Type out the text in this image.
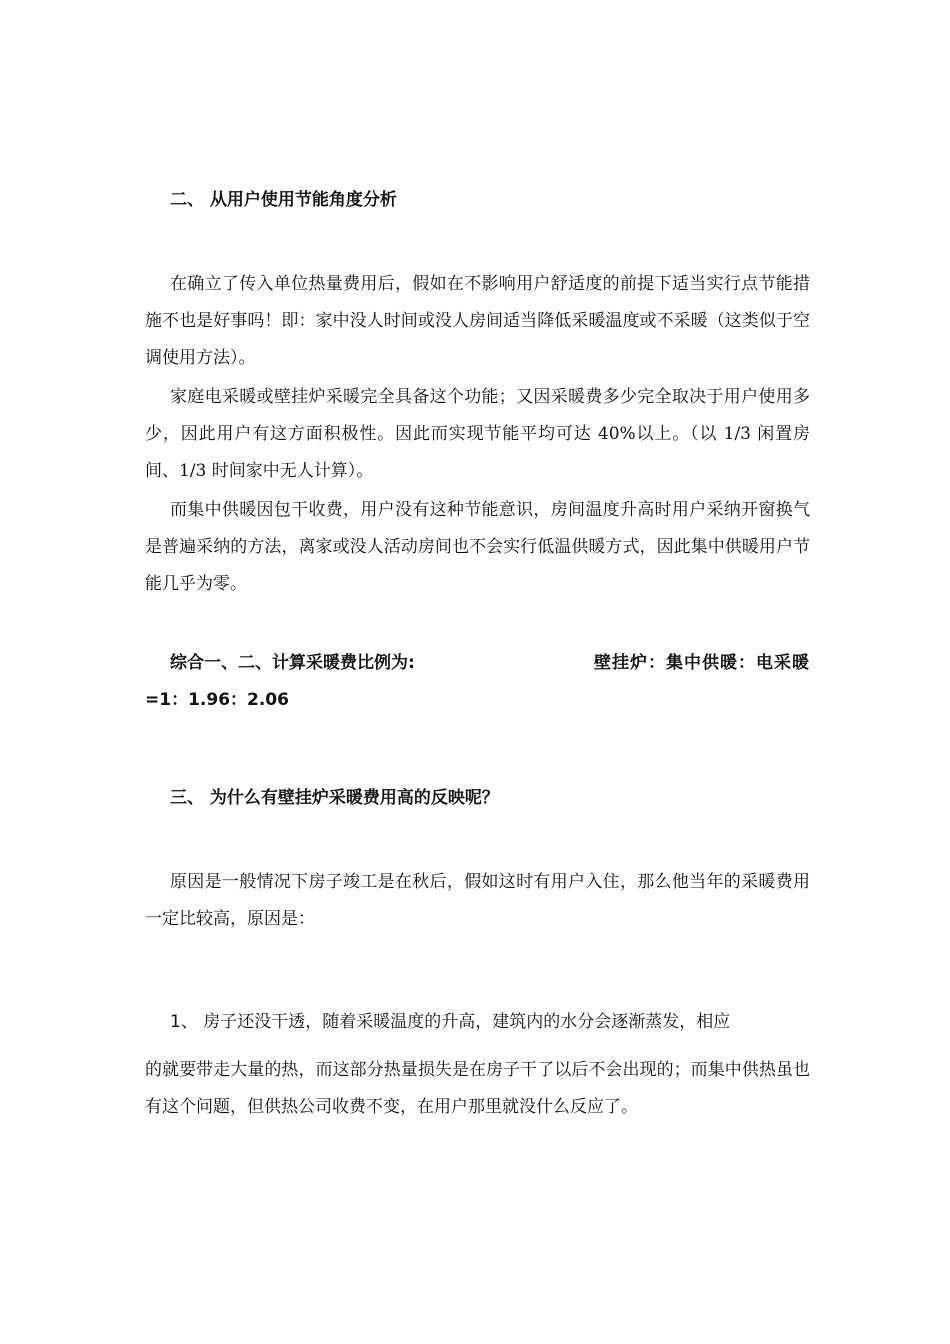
二、 从用户使用节能角度分析

在确立了传入单位热量费用后，假如在不影响用户舒适度的前提下适当实行点节能措施不也是好事吗！即：家中没人时间或没人房间适当降低采暖温度或不采暖（这类似于空调使用方法）。

家庭电采暖或壁挂炉采暖完全具备这个功能；又因采暖费多少完全取决于用户使用多少，因此用户有这方面积极性。因此而实现节能平均可达 40%以上。（以 1/3 闲置房间、1/3 时间家中无人计算）。

而集中供暖因包干收费，用户没有这种节能意识，房间温度升高时用户采纳开窗换气是普遍采纳的方法，离家或没人活动房间也不会实行低温供暖方式，因此集中供暖用户节能几乎为零。

综合一、二、计算采暖费比例为:	壁挂炉：集中供暖：电采暖
=1：1.96：2.06
三、 为什么有壁挂炉采暖费用高的反映呢？

原因是一般情况下房子竣工是在秋后，假如这时有用户入住，那么他当年的采暖费用一定比较高，原因是：

1、 房子还没干透，随着采暖温度的升高，建筑内的水分会逐渐蒸发，相应

的就要带走大量的热，而这部分热量损失是在房子干了以后不会出现的；而集中供热虽也有这个问题，但供热公司收费不变，在用户那里就没什么反应了。
